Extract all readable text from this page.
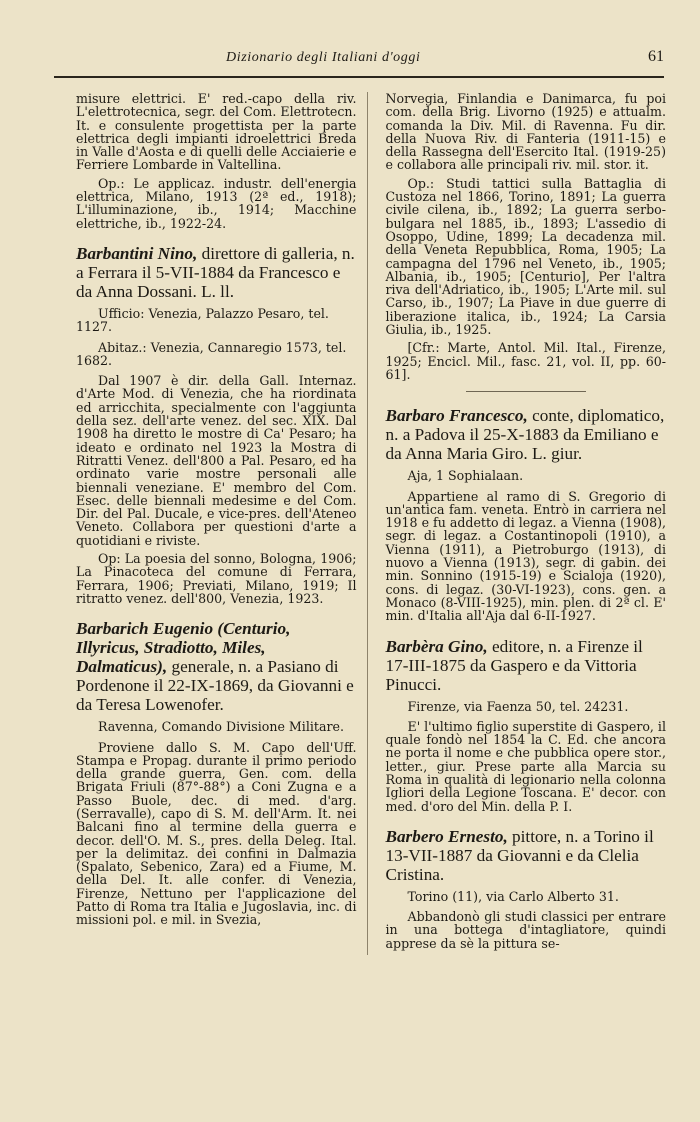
Dizionario degli Italiani d'oggi	61

misure elettrici. E' red.-capo della riv. L'elettrotecnica, segr. del Com. Elettrotecn. It. e consulente progettista per la parte elettrica degli impianti idroelettrici Breda in Valle d'Aosta e di quelli delle Acciaierie e Ferriere Lombarde in Valtellina.

Op.: Le applicaz. industr. dell'energia elettrica, Milano, 1913 (2ª ed., 1918); L'illuminazione, ib., 1914; Macchine elettriche, ib., 1922-24.

Barbantini Nino, direttore di galleria, n. a Ferrara il 5-VII-1884 da Francesco e da Anna Dossani. L. ll.

Ufficio: Venezia, Palazzo Pesaro, tel. 1127.

Abitaz.: Venezia, Cannaregio 1573, tel. 1682.

Dal 1907 è dir. della Gall. Internaz. d'Arte Mod. di Venezia, che ha riordinata ed arricchita, specialmente con l'aggiunta della sez. dell'arte venez. del sec. XIX. Dal 1908 ha diretto le mostre di Ca' Pesaro; ha ideato e ordinato nel 1923 la Mostra di Ritratti Venez. dell'800 a Pal. Pesaro, ed ha ordinato varie mostre personali alle biennali veneziane. E' membro del Com. Esec. delle biennali medesime e del Com. Dir. del Pal. Ducale, e vice-pres. dell'Ateneo Veneto. Collabora per questioni d'arte a quotidiani e riviste.

Op: La poesia del sonno, Bologna, 1906; La Pinacoteca del comune di Ferrara, Ferrara, 1906; Previati, Milano, 1919; Il ritratto venez. dell'800, Venezia, 1923.

Barbarich Eugenio (Centurio, Illyricus, Stradiotto, Miles, Dalmaticus), generale, n. a Pasiano di Pordenone il 22-IX-1869, da Giovanni e da Teresa Lowenofer.

Ravenna, Comando Divisione Militare.

Proviene dallo S. M. Capo dell'Uff. Stampa e Propag. durante il primo periodo della grande guerra, Gen. com. della Brigata Friuli (87°-88°) a Coni Zugna e a Passo Buole, dec. di med. d'arg. (Serravalle), capo di S. M. dell'Arm. It. nei Balcani fino al termine della guerra e decor. dell'O. M. S., pres. della Deleg. Ital. per la delimitaz. dei confini in Dalmazia (Spalato, Sebenico, Zara) ed a Fiume, M. della Del. It. alle confer. di Venezia, Firenze, Nettuno per l'applicazione del Patto di Roma tra Italia e Jugoslavia, inc. di missioni pol. e mil. in Svezia,

Norvegia, Finlandia e Danimarca, fu poi com. della Brig. Livorno (1925) e attualm. comanda la Div. Mil. di Ravenna. Fu dir. della Nuova Riv. di Fanteria (1911-15) e della Rassegna dell'Esercito Ital. (1919-25) e collabora alle principali riv. mil. stor. it.

Op.: Studi tattici sulla Battaglia di Custoza nel 1866, Torino, 1891; La guerra civile cilena, ib., 1892; La guerra serbo-bulgara nel 1885, ib., 1893; L'assedio di Osoppo, Udine, 1899; La decadenza mil. della Veneta Repubblica, Roma, 1905; La campagna del 1796 nel Veneto, ib., 1905; Albania, ib., 1905; [Centurio], Per l'altra riva dell'Adriatico, ib., 1905; L'Arte mil. sul Carso, ib., 1907; La Piave in due guerre di liberazione italica, ib., 1924; La Carsia Giulia, ib., 1925.

[Cfr.: Marte, Antol. Mil. Ital., Firenze, 1925; Encicl. Mil., fasc. 21, vol. II, pp. 60-61].

Barbaro Francesco, conte, diplomatico, n. a Padova il 25-X-1883 da Emiliano e da Anna Maria Giro. L. giur.

Aja, 1 Sophialaan.

Appartiene al ramo di S. Gregorio di un'antica fam. veneta. Entrò in carriera nel 1918 e fu addetto di legaz. a Vienna (1908), segr. di legaz. a Costantinopoli (1910), a Vienna (1911), a Pietroburgo (1913), di nuovo a Vienna (1913), segr. di gabin. dei min. Sonnino (1915-19) e Scialoja (1920), cons. di legaz. (30-VI-1923), cons. gen. a Monaco (8-VIII-1925), min. plen. di 2ª cl. E' min. d'Italia all'Aja dal 6-II-1927.

Barbèra Gino, editore, n. a Firenze il 17-III-1875 da Gaspero e da Vittoria Pinucci.

Firenze, via Faenza 50, tel. 24231.

E' l'ultimo figlio superstite di Gaspero, il quale fondò nel 1854 la C. Ed. che ancora ne porta il nome e che pubblica opere stor., letter., giur. Prese parte alla Marcia su Roma in qualità di legionario nella colonna Igliori della Legione Toscana. E' decor. con med. d'oro del Min. della P. I.

Barbero Ernesto, pittore, n. a Torino il 13-VII-1887 da Giovanni e da Clelia Cristina.

Torino (11), via Carlo Alberto 31.

Abbandonò gli studi classici per entrare in una bottega d'intagliatore, quindi apprese da sè la pittura se-
